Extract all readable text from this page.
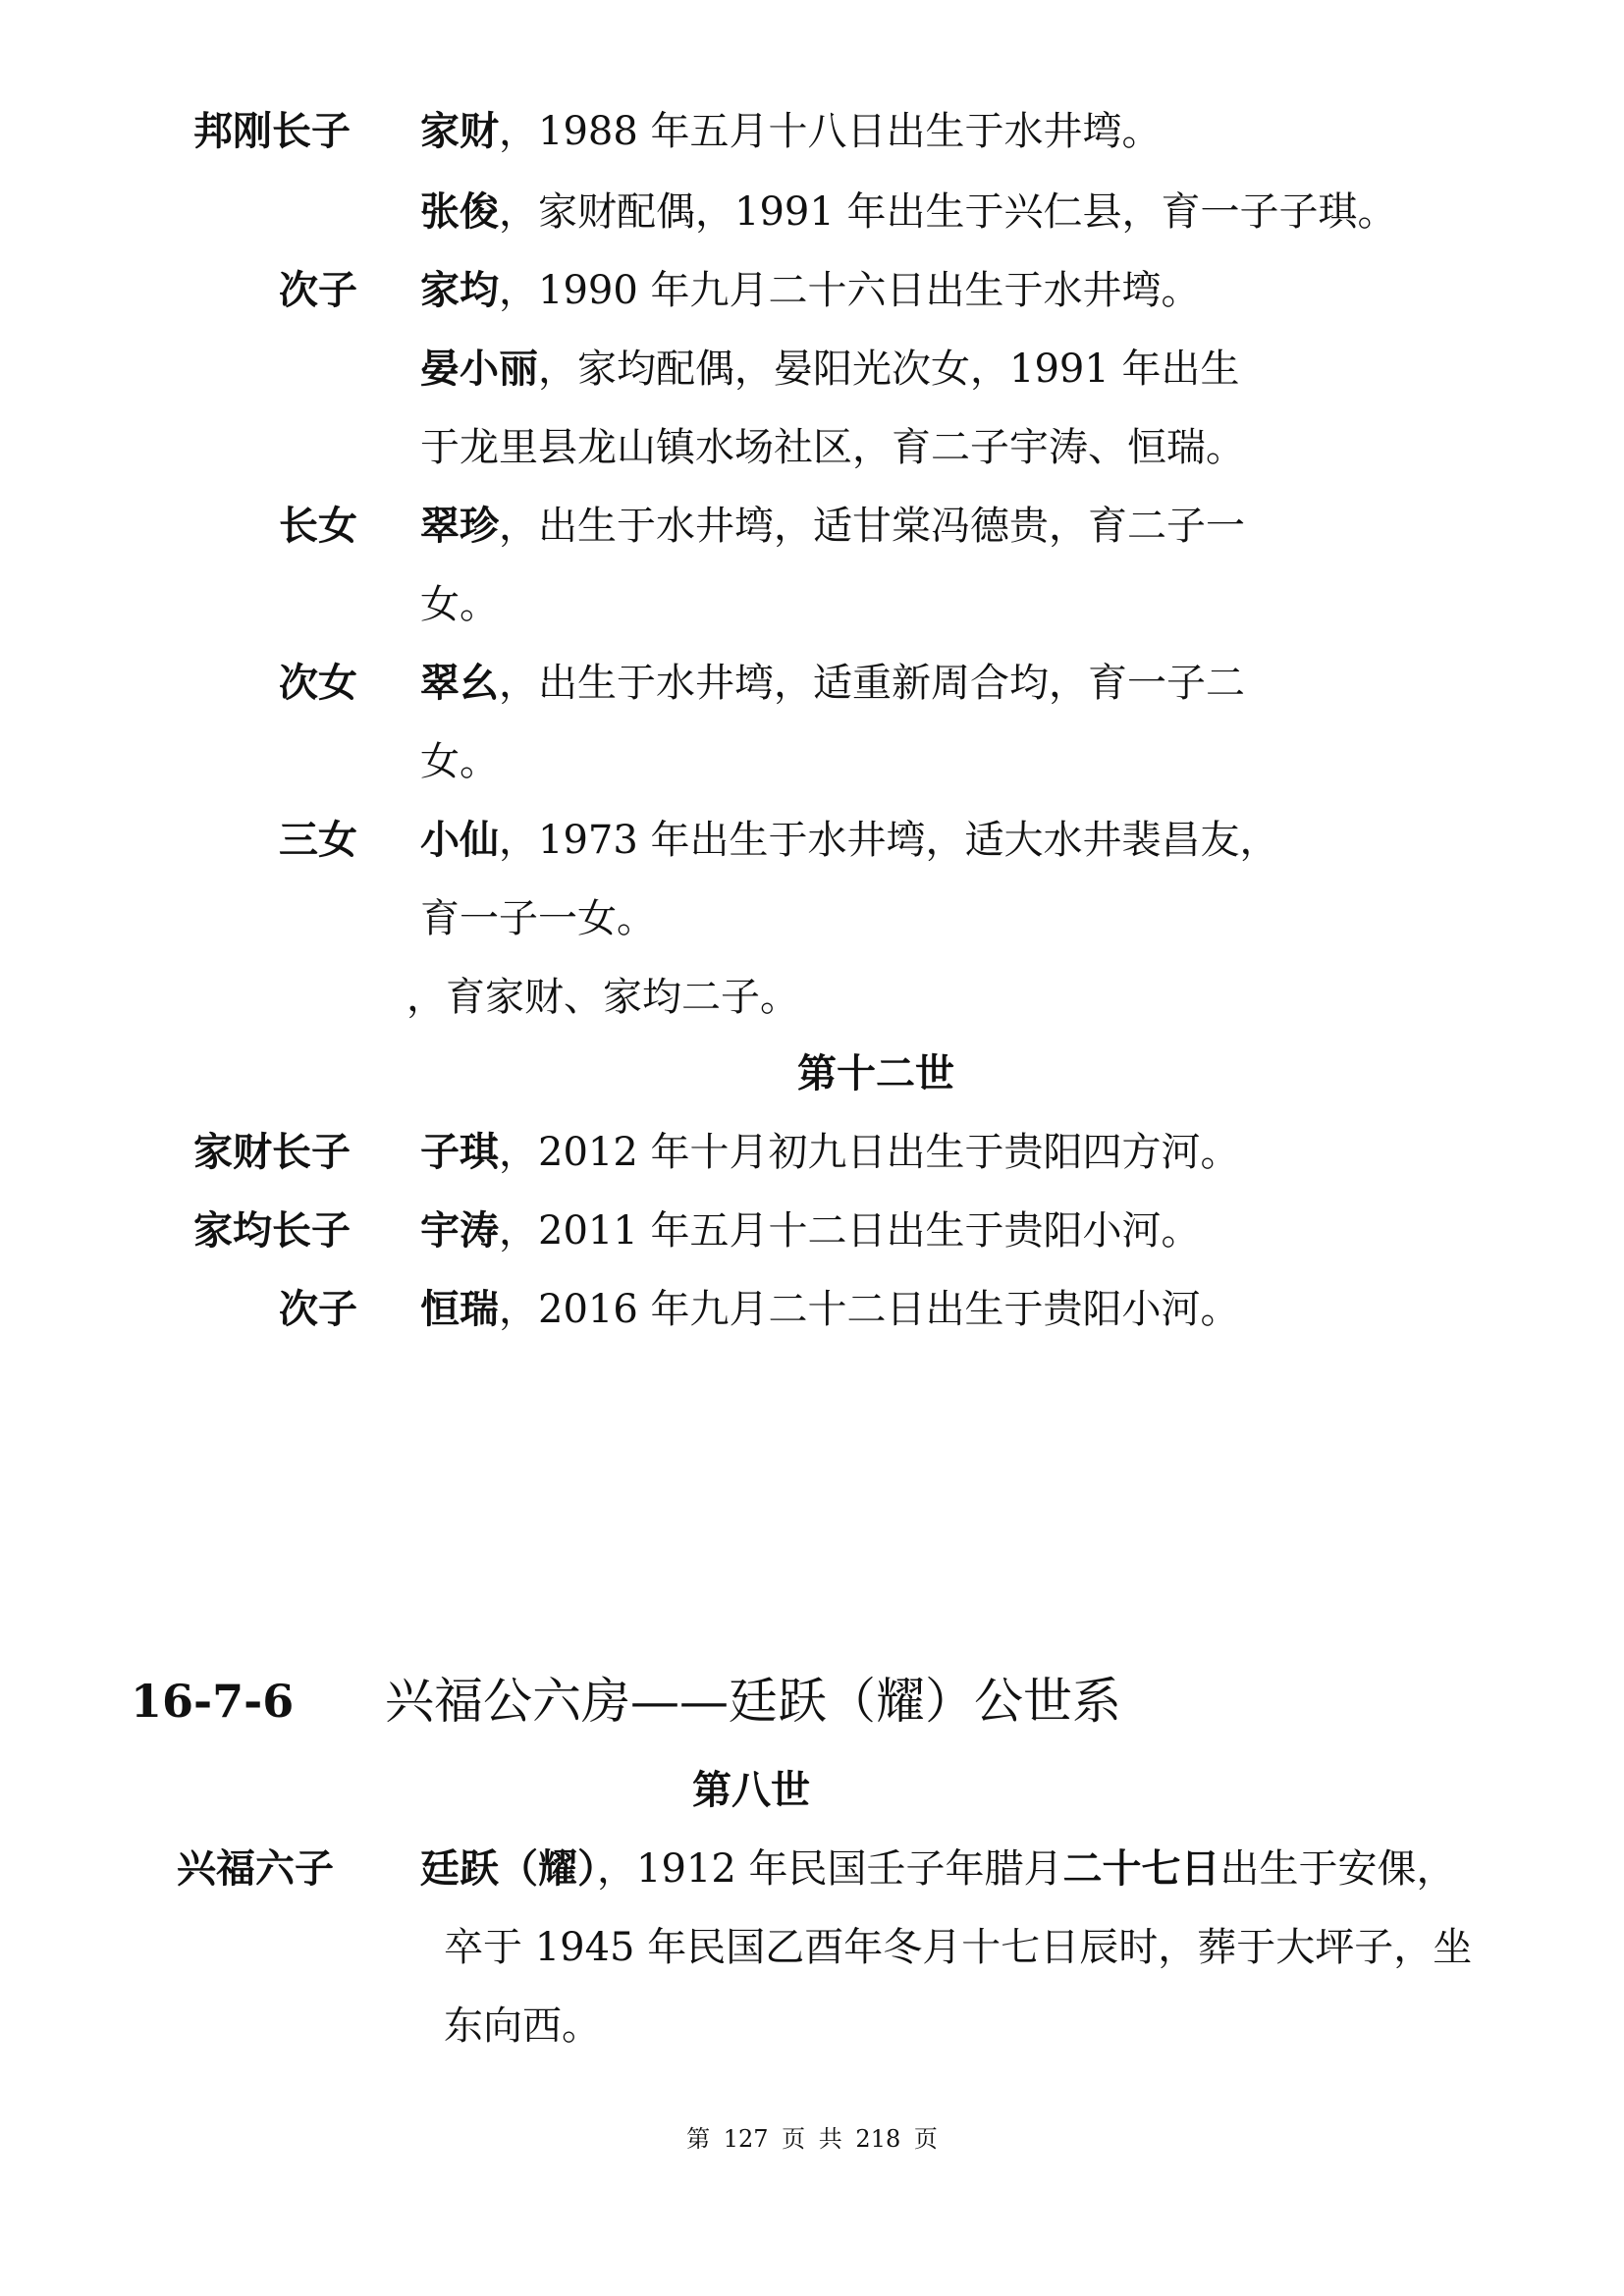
邦刚长子 家财，1988 年五月十八日出生于水井塆。
张俊，家财配偶，1991 年出生于兴仁县，育一子子琪。
次子 家均，1990 年九月二十六日出生于水井塆。
晏小丽，家均配偶，晏阳光次女，1991 年出生
于龙里县龙山镇水场社区，育二子宇涛、恒瑞。
长女 翠珍，出生于水井塆，适甘棠冯德贵，育二子一
女。
次女 翠幺，出生于水井塆，适重新周合均，育一子二
女。
三女 小仙，1973 年出生于水井塆，适大水井裴昌友，
育一子一女。
，育家财、家均二子。
第十二世
家财长子 子琪，2012 年十月初九日出生于贵阳四方河。
家均长子 宇涛，2011 年五月十二日出生于贵阳小河。
次子 恒瑞，2016 年九月二十二日出生于贵阳小河。
16-7-6 兴福公六房——廷跃（耀）公世系
第八世
兴福六子 廷跃（耀），1912 年民国壬子年腊月二十七日出生于安倮，
卒于 1945 年民国乙酉年冬月十七日辰时，葬于大坪子，坐
东向西。
第 127 页 共 218 页
